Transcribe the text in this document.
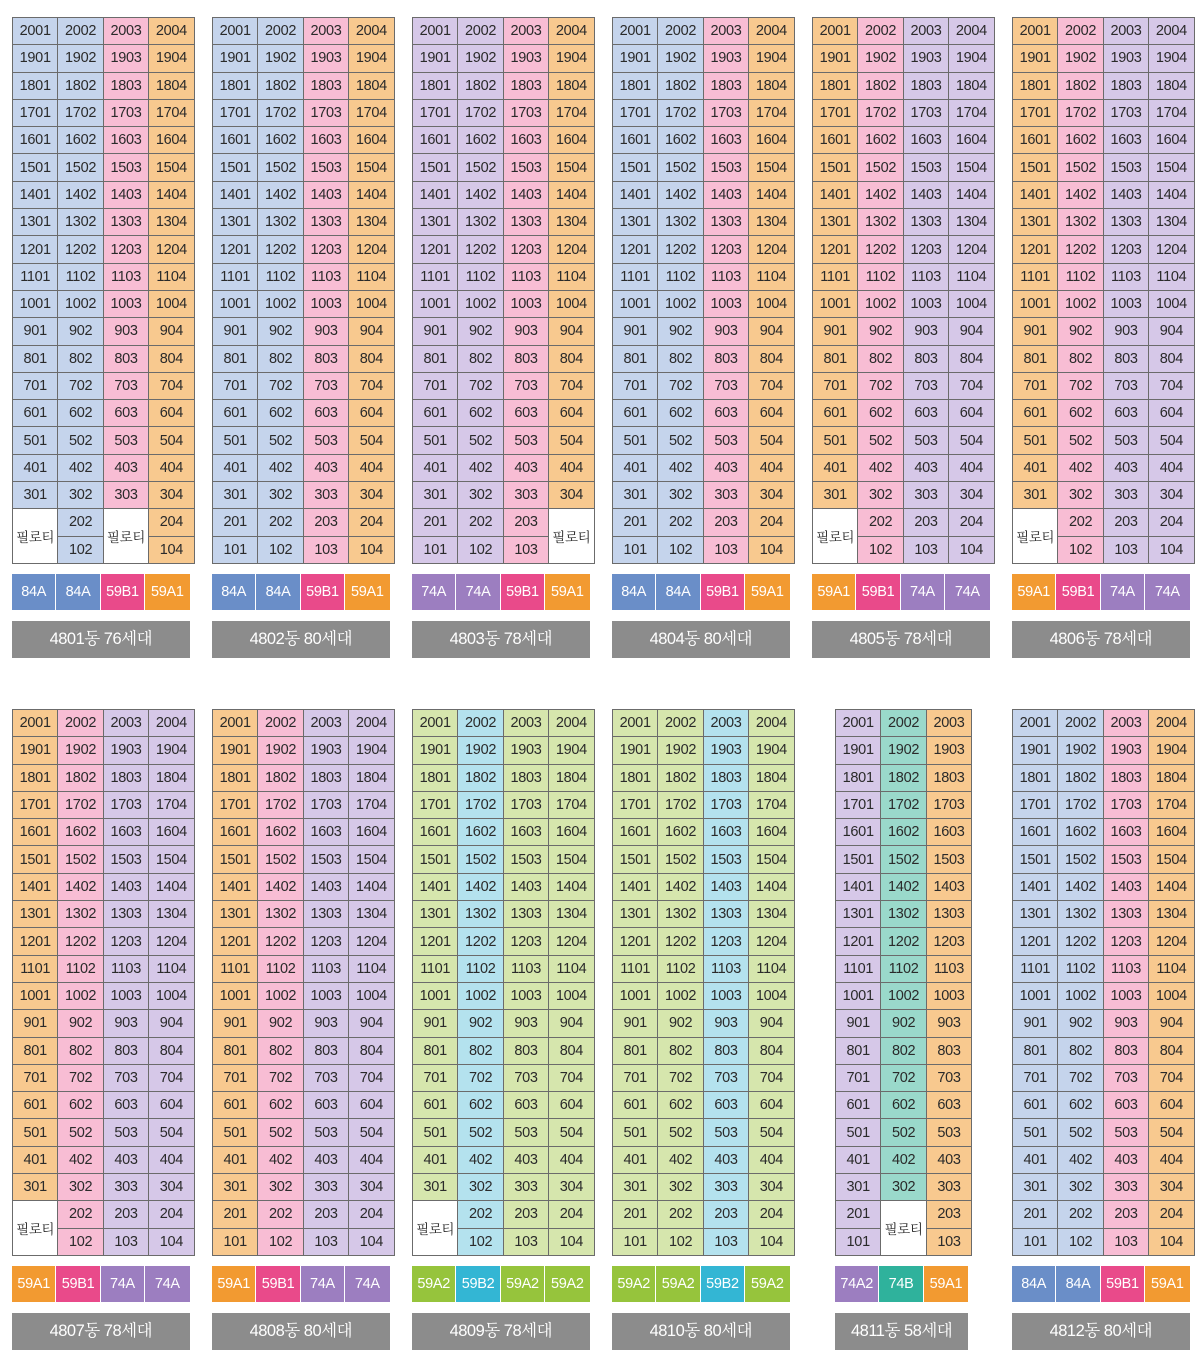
2001	2002	2003	2004
1901	1902	1903	1904
1801	1802	1803	1804
1701	1702	1703	1704
1601	1602	1603	1604
1501	1502	1503	1504
1401	1402	1403	1404
1301	1302	1303	1304
1201	1202	1203	1204
1101	1102	1103	1104
1001	1002	1003	1004
901	902	903	904
801	802	803	804
701	702	703	704
601	602	603	604
501	502	503	504
401	402	403	404
301	302	303	304
필로티	202	필로티	204
	102		104
84A	84A	59B1 59A1
4801동 76세대
2001	2002	2003	2004
1901	1902	1903	1904
1801	1802	1803	1804
1701	1702	1703	1704
1601	1602	1603	1604
1501	1502	1503	1504
1401	1402	1403	1404
1301	1302	1303	1304
1201	1202	1203	1204
1101	1102	1103	1104
1001	1002	1003	1004
901	902	903	904
801	802	803	804
701	702	703	704
601	602	603	604
501	502	503	504
401	402	403	404
301	302	303	304
201	202	203	204
101	102	103	104
84A	84A	59B1 59A1
4802동 80세대
2001	2002	2003	2004
1901	1902	1903	1904
1801	1802	1803	1804
1701	1702	1703	1704
1601	1602	1603	1604
1501	1502	1503	1504
1401	1402	1403	1404
1301	1302	1303	1304
1201	1202	1203	1204
1101	1102	1103	1104
1001	1002	1003	1004
901	902	903	904
801	802	803	804
701	702	703	704
601	602	603	604
501	502	503	504
401	402	403	404
301	302	303	304
201	202	203	필로티
101	102	103	
74A	74A	59B1 59A1
4803동 78세대
2001	2002	2003	2004
1901	1902	1903	1904
1801	1802	1803	1804
1701	1702	1703	1704
1601	1602	1603	1604
1501	1502	1503	1504
1401	1402	1403	1404
1301	1302	1303	1304
1201	1202	1203	1204
1101	1102	1103	1104
1001	1002	1003	1004
901	902	903	904
801	802	803	804
701	702	703	704
601	602	603	604
501	502	503	504
401	402	403	404
301	302	303	304
201	202	203	204
101	102	103	104
84A	84A	59B1 59A1
4804동 80세대
2001	2002	2003	2004
1901	1902	1903	1904
1801	1802	1803	1804
1701	1702	1703	1704
1601	1602	1603	1604
1501	1502	1503	1504
1401	1402	1403	1404
1301	1302	1303	1304
1201	1202	1203	1204
1101	1102	1103	1104
1001	1002	1003	1004
901	902	903	904
801	802	803	804
701	702	703	704
601	602	603	604
501	502	503	504
401	402	403	404
301	302	303	304
필로티	202	203	204
	102	103	104
59A1 59B1	74A	74A
4805동 78세대
2001	2002	2003	2004
1901	1902	1903	1904
1801	1802	1803	1804
1701	1702	1703	1704
1601	1602	1603	1604
1501	1502	1503	1504
1401	1402	1403	1404
1301	1302	1303	1304
1201	1202	1203	1204
1101	1102	1103	1104
1001	1002	1003	1004
901	902	903	904
801	802	803	804
701	702	703	704
601	602	603	604
501	502	503	504
401	402	403	404
301	302	303	304
필로티	202	203	204
	102	103	104
59A1 59B1	74A	74A
4806동 78세대
2001	2002	2003	2004
1901	1902	1903	1904
1801	1802	1803	1804
1701	1702	1703	1704
1601	1602	1603	1604
1501	1502	1503	1504
1401	1402	1403	1404
1301	1302	1303	1304
1201	1202	1203	1204
1101	1102	1103	1104
1001	1002	1003	1004
901	902	903	904
801	802	803	804
701	702	703	704
601	602	603	604
501	502	503	504
401	402	403	404
301	302	303	304
필로티	202	203	204
	102	103	104
59A1 59B1	74A	74A
4807동 78세대
2001	2002	2003	2004
1901	1902	1903	1904
1801	1802	1803	1804
1701	1702	1703	1704
1601	1602	1603	1604
1501	1502	1503	1504
1401	1402	1403	1404
1301	1302	1303	1304
1201	1202	1203	1204
1101	1102	1103	1104
1001	1002	1003	1004
901	902	903	904
801	802	803	804
701	702	703	704
601	602	603	604
501	502	503	504
401	402	403	404
301	302	303	304
201	202	203	204
101	102	103	104
59A1 59B1	74A	74A
4808동 80세대
2001	2002	2003	2004
1901	1902	1903	1904
1801	1802	1803	1804
1701	1702	1703	1704
1601	1602	1603	1604
1501	1502	1503	1504
1401	1402	1403	1404
1301	1302	1303	1304
1201	1202	1203	1204
1101	1102	1103	1104
1001	1002	1003	1004
901	902	903	904
801	802	803	804
701	702	703	704
601	602	603	604
501	502	503	504
401	402	403	404
301	302	303	304
필로티	202	203	204
	102	103	104
59A2 59B2 59A2 59A2
4809동 78세대
2001	2002	2003	2004
1901	1902	1903	1904
1801	1802	1803	1804
1701	1702	1703	1704
1601	1602	1603	1604
1501	1502	1503	1504
1401	1402	1403	1404
1301	1302	1303	1304
1201	1202	1203	1204
1101	1102	1103	1104
1001	1002	1003	1004
901	902	903	904
801	802	803	804
701	702	703	704
601	602	603	604
501	502	503	504
401	402	403	404
301	302	303	304
201	202	203	204
101	102	103	104
59A2 59A2 59B2 59A2
4810동 80세대
2001	2002	2003
1901	1902	1903
1801	1802	1803
1701	1702	1703
1601	1602	1603
1501	1502	1503
1401	1402	1403
1301	1302	1303
1201	1202	1203
1101	1102	1103
1001	1002	1003
901	902	903
801	802	803
701	702	703
601	602	603
501	502	503
401	402	403
301	302	303
201	필로티	203
101		103
74A2	74B	59A1
4811동 58세대
2001	2002	2003	2004
1901	1902	1903	1904
1801	1802	1803	1804
1701	1702	1703	1704
1601	1602	1603	1604
1501	1502	1503	1504
1401	1402	1403	1404
1301	1302	1303	1304
1201	1202	1203	1204
1101	1102	1103	1104
1001	1002	1003	1004
901	902	903	904
801	802	803	804
701	702	703	704
601	602	603	604
501	502	503	504
401	402	403	404
301	302	303	304
201	202	203	204
101	102	103	104
84A	84A	59B1 59A1
4812동 80세대
